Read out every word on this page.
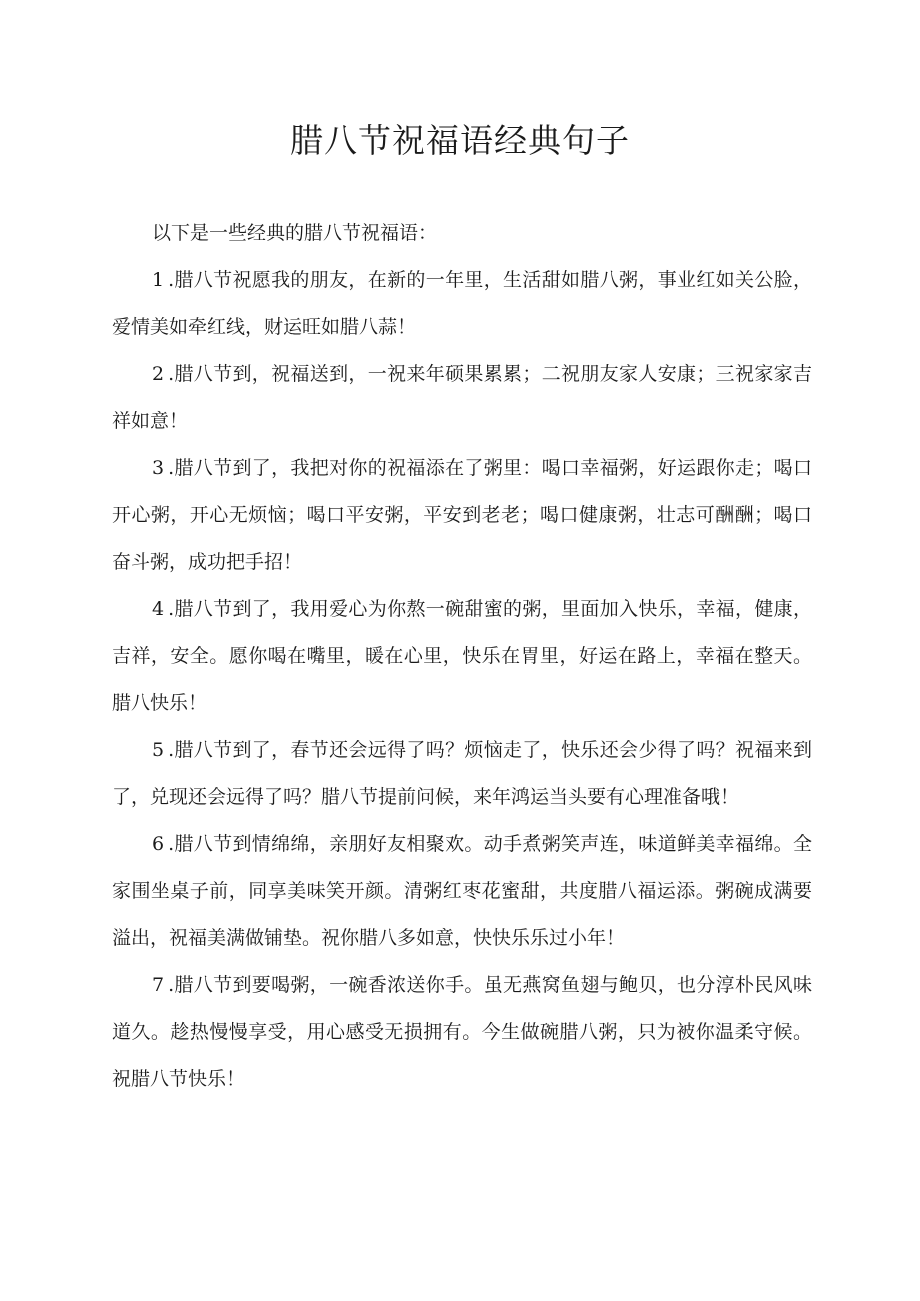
腊八节祝福语经典句子

以下是一些经典的腊八节祝福语：

1 .腊八节祝愿我的朋友，在新的一年里，生活甜如腊八粥，事业红如关公脸，爱情美如牵红线，财运旺如腊八蒜！

2 .腊八节到，祝福送到，一祝来年硕果累累；二祝朋友家人安康；三祝家家吉祥如意！

3 .腊八节到了，我把对你的祝福添在了粥里：喝口幸福粥，好运跟你走；喝口开心粥，开心无烦恼；喝口平安粥，平安到老老；喝口健康粥，壮志可酬酬；喝口奋斗粥，成功把手招！

4 .腊八节到了，我用爱心为你熬一碗甜蜜的粥，里面加入快乐，幸福，健康，吉祥，安全。愿你喝在嘴里，暖在心里，快乐在胃里，好运在路上，幸福在整天。腊八快乐！

5 .腊八节到了，春节还会远得了吗？烦恼走了，快乐还会少得了吗？祝福来到了，兑现还会远得了吗？腊八节提前问候，来年鸿运当头要有心理准备哦！

6 .腊八节到情绵绵，亲朋好友相聚欢。动手煮粥笑声连，味道鲜美幸福绵。全家围坐桌子前，同享美味笑开颜。清粥红枣花蜜甜，共度腊八福运添。粥碗成满要溢出，祝福美满做铺垫。祝你腊八多如意，快快乐乐过小年！

7 .腊八节到要喝粥，一碗香浓送你手。虽无燕窝鱼翅与鲍贝，也分淳朴民风味道久。趁热慢慢享受，用心感受无损拥有。今生做碗腊八粥，只为被你温柔守候。祝腊八节快乐！
